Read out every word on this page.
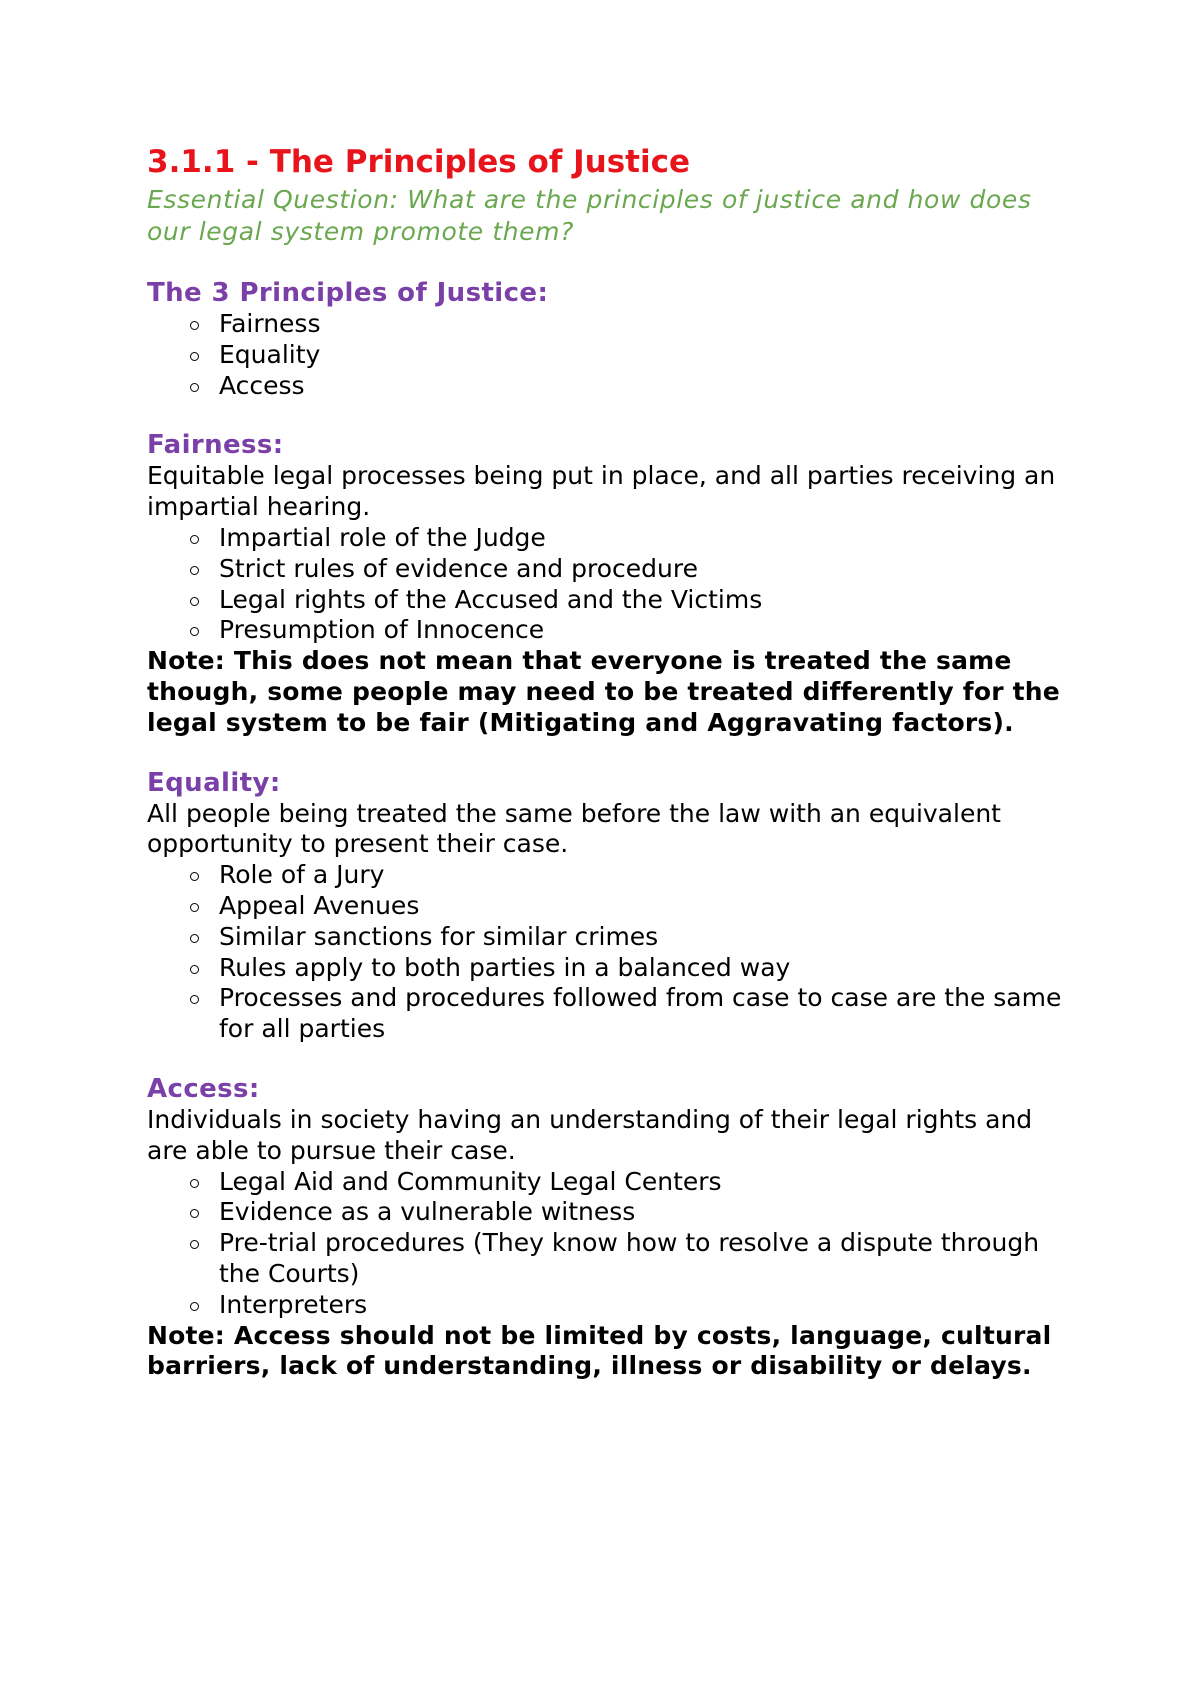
3.1.1 - The Principles of Justice

Essential Question: What are the principles of justice and how does our legal system promote them?

The 3 Principles of Justice:
Fairness
Equality
Access
Fairness:

Equitable legal processes being put in place, and all parties receiving an impartial hearing.

Impartial role of the Judge
Strict rules of evidence and procedure
Legal rights of the Accused and the Victims
Presumption of Innocence

Note: This does not mean that everyone is treated the same though, some people may need to be treated differently for the legal system to be fair (Mitigating and Aggravating factors).

Equality:

All people being treated the same before the law with an equivalent opportunity to present their case.

Role of a Jury
Appeal Avenues
Similar sanctions for similar crimes
Rules apply to both parties in a balanced way
Processes and procedures followed from case to case are the same for all parties
Access:

Individuals in society having an understanding of their legal rights and are able to pursue their case.

Legal Aid and Community Legal Centers
Evidence as a vulnerable witness
Pre-trial procedures (They know how to resolve a dispute through the Courts)
Interpreters

Note: Access should not be limited by costs, language, cultural barriers, lack of understanding, illness or disability or delays.
